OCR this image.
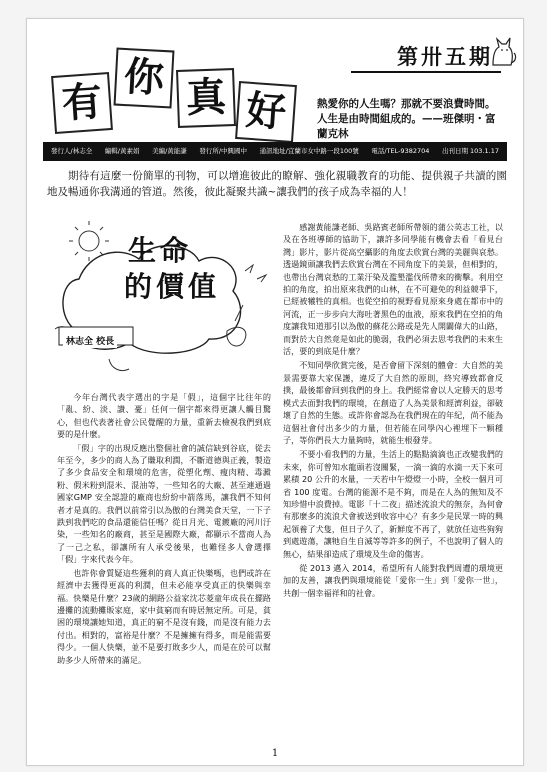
有
你 真 好
第卅五期
熱愛你的人生嗎？那就不要浪費時間。人生是由時間組成的。——班傑明・富蘭克林
發行人/林志全	編輯/黃素娟	美編/黃能謙	發行所/中興國中	通訊地址/宜蘭市女中路一段100號	電話/TEL-9382704	出刊日期 103.1.17
期待有這麼一份簡單的刊物，可以增進彼此的瞭解、強化親職教育的功能、提供親子共讀的園地及暢通你我溝通的管道。然後，彼此凝聚共識~讓我們的孩子成為幸福的人！
生命
的價值
林志全 校長

今年台灣代表字選出的字是「假」，這個字比往年的「亂、紛、淡、讚、憂」任何一個字都來得更讓人觸目驚心，但也代表著社會公民覺醒的力量，重新去檢視我們到底要的是什麼。

「假」字的出現反應出整個社會的誠信缺到谷底，從去年至今，多少的商人為了賺取利潤，不斷道德與正義，製造了多少食品安全和環境的危害，從塑化劑、瘦肉精、毒澱粉、假米粉到混米、混油等，一些知名的大廠、甚至連通過國家GMP 安全認證的廠商也紛紛中箭落馬，讓我們不知何者才是真的。我們以前常引以為傲的台灣美食天堂，一下子跌到我們吃的食品還能信任嗎？從日月光、電鍍廠的河川汙染，一些知名的廠商，甚至是國際大廠，都顯示不當商人為了一己之私，卻讓所有人承受後果，也難怪多人會選擇「假」字來代表今年。

也許你會質疑這些獲利的商人真正快樂嗎，也們或許在經濟中去獲得更高的利潤，但未必能享受真正的快樂與幸福。快樂是什麼？23歲的網路公益家沈芯菱童年成長在擺路邊攤的流動攤販家庭，家中貧窮而有時居無定所。可是，貧困的環境讓她知道，真正的窮不是沒有錢，而是沒有能力去付出。相對的，富裕是什麼？不是擁擁有得多，而是能需要得少。一個人快樂，並不是要打敗多少人，而是在於可以幫助多少人所帶來的滿足。

感謝黃能謙老師、吳路賓老師所帶領的蒲公英志工社，以及在各班導師的協助下，讓許多同學能有機會去看「看見台灣」影片，影片從高空攝影的角度去欣賞台灣的美麗與哀愁。透過鏡頭讓我們去欣賞台灣在不同角度下的美景，但相對的，也帶出台灣哀愁的工業汙染及濫墾濫伐所帶來的衝擊。利用空拍的角度，拍出原來我們的山林，在不可避免的利益競爭下，已經被犧牲的真相。也從空拍的視野看見原來身處在都市中的河流，正一步步向大海吐著黑色的血液，原來我們在空拍的角度讓我知道那引以為傲的蘇花公路或是先人開闢偉大的山路，而對於大自然竟是如此的脆弱，我們必須去思考我們的未來生活，要的到底是什麼？

不知同學欣賞完後，是否會留下深刻的體會：大自然的美景需要靠大家保護，違反了大自然的原則，終究導致都會反撲，最後都會回到我們的身上。我們經常會以人定勝天的思考模式去面對我們的環境，在創造了人為美景和經濟利益，卻破壞了自然的生態。或許你會認為在我們現在的年紀，尚不能為這個社會付出多少的力量，但若能在同學內心裡埋下一顆種子，等你們長大力量夠時，就能生根發芽。

不要小看我們的力量，生活上的點點滴滴也正改變我們的未來，你可曾知水龍頭若沒關緊，一滴一滴的水滴一天下來可累積 20 公升的水量，一天若中午燈燈一小時，全校一個月可省 100 度電。台灣的能源不是不夠，而是在人為的無知及不知珍惜中浪費掉。電影「十二夜」描述流浪犬的無奈，為何會有那麼多的流浪犬會被送到收容中心？有多少是民眾一時的興起領養了犬隻，但日子久了，新鮮度不再了，就放任這些狗狗到處遊蕩，讓牠自生自滅等等許多的例子，不也說明了個人的無心，結果卻造成了環境及生命的傷害。

從 2013 邁入 2014，希望所有人能對我們周遭的環境更加的友善，讓我們與環境能從「愛你一生」到「愛你一世」，共創一個幸福祥和的社會。

1
